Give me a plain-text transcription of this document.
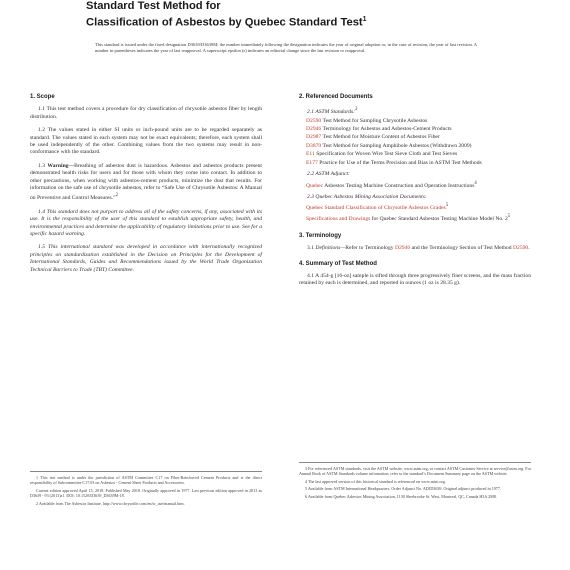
Standard Test Method for
Classification of Asbestos by Quebec Standard Test$^1$
This standard is issued under the fixed designation D3639/D3639M; the number immediately following the designation indicates the year of original adoption or, in the case of revision, the year of last revision. A number in parentheses indicates the year of last reapproval. A superscript epsilon (ε) indicates an editorial change since the last revision or reapproval.
1. Scope

1.1 This test method covers a procedure for dry classification of chrysotile asbestos fiber by length distribution.

1.2 The values stated in either SI units or inch-pound units are to be regarded separately as standard. The values stated in each system may not be exact equivalents; therefore, each system shall be used independently of the other. Combining values from the two systems may result in non-conformance with the standard.

1.3 Warning—Breathing of asbestos dust is hazardous. Asbestos and asbestos products present demonstrated health risks for users and for those with whom they come into contact. In addition to other precautions, when working with asbestos-cement products, minimize the dust that results. For information on the safe use of chrysotile asbestos, refer to “Safe Use of Chrysotile Asbestos: A Manual on Preventive and Control Measures.”$^2$

1.4 This standard does not purport to address all of the safety concerns, if any, associated with its use. It is the responsibility of the user of this standard to establish appropriate safety, health, and environmental practices and determine the applicability of regulatory limitations prior to use. See for a specific hazard warning.

1.5 This international standard was developed in accordance with internationally recognized principles on standardization established in the Decision on Principles for the Development of International Standards, Guides and Recommendations issued by the World Trade Organization Technical Barriers to Trade (TBT) Committee.

1 This test method is under the jurisdiction of ASTM Committee C17 on Fiber-Reinforced Cement Products and is the direct responsibility of Subcommittee C17.03 on Asbestos - Cement Sheet Products and Accessories.

Current edition approved April 15, 2018. Published May 2018. Originally approved in 1977. Last previous edition approved in 2013 as D3639 - 93 (2013)ε1. DOI: 10.1520/D3639_D3639M-18.

2 Available from The Asbestos Institute, http://www.chrysotile.com/en/sr_use/manual.htm.

2. Referenced Documents
2.1 ASTM Standards:$^3$
D2590 Test Method for Sampling Chrysotile Asbestos
D2946 Terminology for Asbestos and Asbestos-Cement Products
D2987 Test Method for Moisture Content of Asbestos Fiber
D3879 Test Method for Sampling Amphibole Asbestos (Withdrawn 2009)
E11 Specification for Woven Wire Test Sieve Cloth and Test Sieves
E177 Practice for Use of the Terms Precision and Bias in ASTM Test Methods
2.2 ASTM Adjunct:
Quebec Asbestos Testing Machine Construction and Operation Instructions$^4$
2.3 Quebec Asbestos Mining Association Documents:
Quebec Standard Classification of Chrysotile Asbestos Grades$^5$
Specifications and Drawings for Quebec Standard Asbestos Testing Machine Model No. $2^5$
3. Terminology

3.1 Definitions—Refer to Terminology D2946 and the Terminology Section of Test Method D2590.

4. Summary of Test Method

4.1 A 454-g [16-oz] sample is sifted through three progressively finer screens, and the mass fraction retained by each is determined, and reported in ounces (1 oz is 28.35 g).

3 For referenced ASTM standards, visit the ASTM website, www.astm.org, or contact ASTM Customer Service at service@astm.org. For Annual Book of ASTM Standards volume information, refer to the standard’s Document Summary page on the ASTM website.

4 The last approved version of this historical standard is referenced on www.astm.org.

5 Available from ASTM International Headquarters. Order Adjunct No. ADJD3639. Original adjunct produced in 1977.

6 Available from Quebec Asbestos Mining Association, 1130 Sherbrooke St. West, Montreal, QC, Canada H3A 2M8.
